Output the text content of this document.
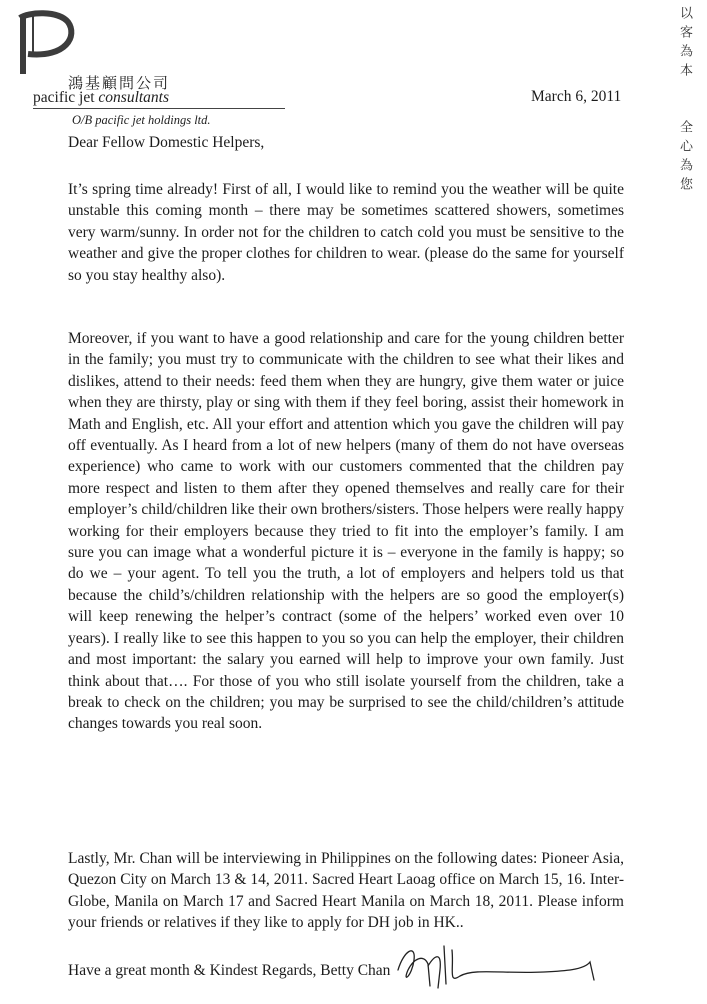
鴻基顧問公司
pacific jet consultants
O/B pacific jet holdings ltd.
以客為本
全心為您
March 6, 2011
Dear Fellow Domestic Helpers,

It’s spring time already! First of all, I would like to remind you the weather will be quite unstable this coming month – there may be sometimes scattered showers, sometimes very warm/sunny. In order not for the children to catch cold you must be sensitive to the weather and give the proper clothes for children to wear. (please do the same for yourself so you stay healthy also).

Moreover, if you want to have a good relationship and care for the young children better in the family; you must try to communicate with the children to see what their likes and dislikes, attend to their needs: feed them when they are hungry, give them water or juice when they are thirsty, play or sing with them if they feel boring, assist their homework in Math and English, etc. All your effort and attention which you gave the children will pay off eventually. As I heard from a lot of new helpers (many of them do not have overseas experience) who came to work with our customers commented that the children pay more respect and listen to them after they opened themselves and really care for their employer’s child/children like their own brothers/sisters. Those helpers were really happy working for their employers because they tried to fit into the employer’s family. I am sure you can image what a wonderful picture it is – everyone in the family is happy; so do we – your agent. To tell you the truth, a lot of employers and helpers told us that because the child’s/children relationship with the helpers are so good the employer(s) will keep renewing the helper’s contract (some of the helpers’ worked even over 10 years). I really like to see this happen to you so you can help the employer, their children and most important: the salary you earned will help to improve your own family. Just think about that…. For those of you who still isolate yourself from the children, take a break to check on the children; you may be surprised to see the child/children’s attitude changes towards you real soon.

Lastly, Mr. Chan will be interviewing in Philippines on the following dates: Pioneer Asia, Quezon City on March 13 & 14, 2011. Sacred Heart Laoag office on March 15, 16. Inter-Globe, Manila on March 17 and Sacred Heart Manila on March 18, 2011. Please inform your friends or relatives if they like to apply for DH job in HK..

Have a great month & Kindest Regards, Betty Chan
